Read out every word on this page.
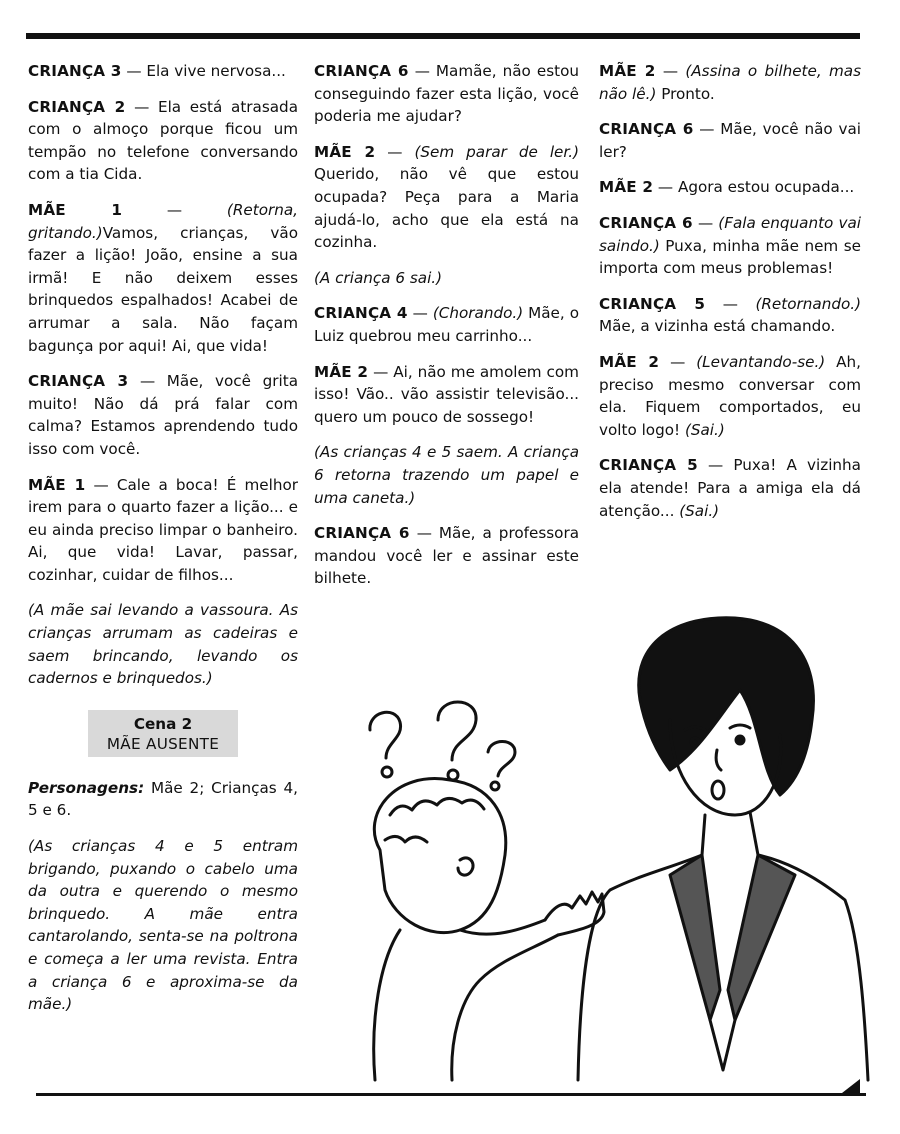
CRIANÇA 3 — Ela vive nervosa...

CRIANÇA 2 — Ela está atrasada com o almoço porque ficou um tempão no telefone conversando com a tia Cida.

MÃE 1 — (Retorna, gritando.)Vamos, crianças, vão fazer a lição! João, ensine a sua irmã! E não deixem esses brinquedos espalhados! Acabei de arrumar a sala. Não façam bagunça por aqui! Ai, que vida!

CRIANÇA 3 — Mãe, você grita muito! Não dá prá falar com calma? Estamos aprendendo tudo isso com você.

MÃE 1 — Cale a boca! É melhor irem para o quarto fazer a lição... e eu ainda preciso limpar o banheiro. Ai, que vida! Lavar, passar, cozinhar, cuidar de filhos...

(A mãe sai levando a vassoura. As crianças arrumam as cadeiras e saem brincando, levando os cadernos e brinquedos.)

Cena 2
MÃE AUSENTE

Personagens: Mãe 2; Crianças 4, 5 e 6.

(As crianças 4 e 5 entram brigando, puxando o cabelo uma da outra e querendo o mesmo brinquedo. A mãe entra cantarolando, senta-se na poltrona e começa a ler uma revista. Entra a criança 6 e aproxima-se da mãe.)

CRIANÇA 6 — Mamãe, não estou conseguindo fazer esta lição, você poderia me ajudar?

MÃE 2 — (Sem parar de ler.) Querido, não vê que estou ocupada? Peça para a Maria ajudá-lo, acho que ela está na cozinha.

(A criança 6 sai.)

CRIANÇA 4 — (Chorando.) Mãe, o Luiz quebrou meu carrinho...

MÃE 2 — Ai, não me amolem com isso! Vão.. vão assistir televisão... quero um pouco de sossego!

(As crianças 4 e 5 saem. A criança 6 retorna trazendo um papel e uma caneta.)

CRIANÇA 6 — Mãe, a professora mandou você ler e assinar este bilhete.

MÃE 2 — (Assina o bilhete, mas não lê.) Pronto.

CRIANÇA 6 — Mãe, você não vai ler?

MÃE 2 — Agora estou ocupada...

CRIANÇA 6 — (Fala enquanto vai saindo.) Puxa, minha mãe nem se importa com meus problemas!

CRIANÇA 5 — (Retornando.) Mãe, a vizinha está chamando.

MÃE 2 — (Levantando-se.) Ah, preciso mesmo conversar com ela. Fiquem comportados, eu volto logo! (Sai.)

CRIANÇA 5 — Puxa! A vizinha ela atende! Para a amiga ela dá atenção... (Sai.)
